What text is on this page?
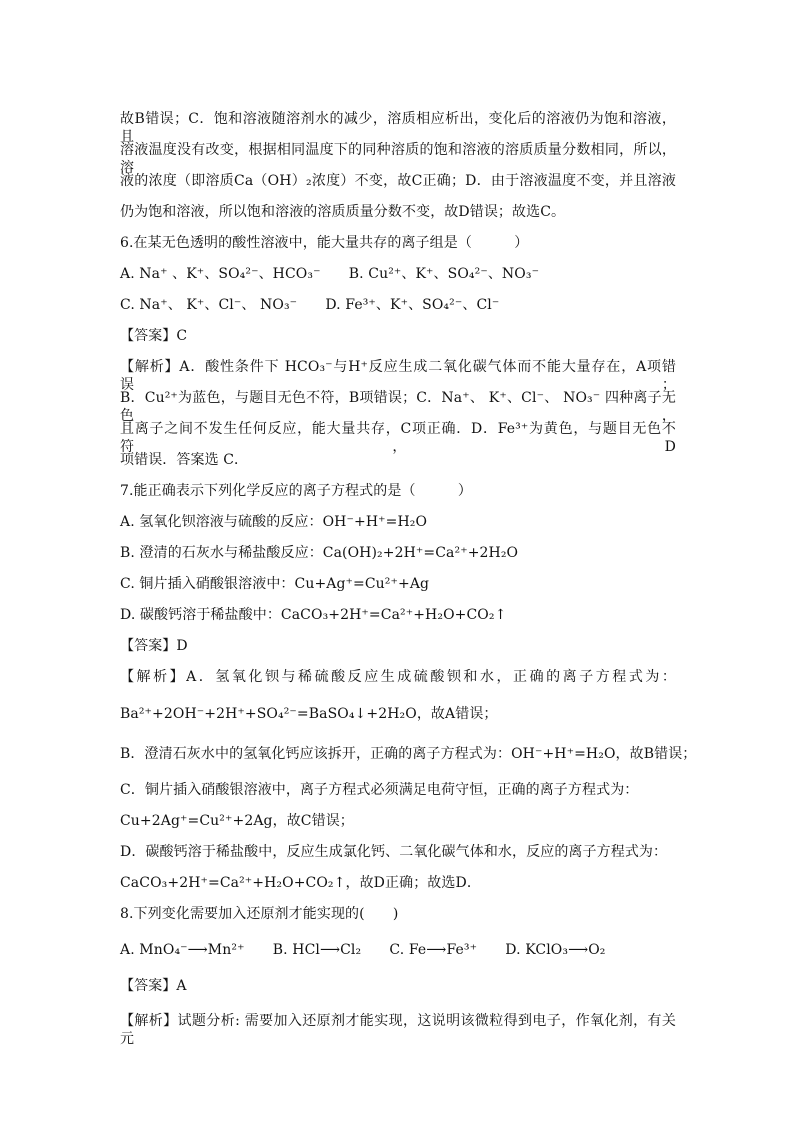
故B错误；C．饱和溶液随溶剂水的减少，溶质相应析出，变化后的溶液仍为饱和溶液，且
溶液温度没有改变，根据相同温度下的同种溶质的饱和溶液的溶质质量分数相同，所以，溶
液的浓度（即溶质Ca（OH）₂浓度）不变，故C正确；D．由于溶液温度不变，并且溶液
仍为饱和溶液，所以饱和溶液的溶质质量分数不变，故D错误；故选C。
6.在某无色透明的酸性溶液中，能大量共存的离子组是（　　　）
A. Na⁺ 、K⁺、SO₄²⁻、HCO₃⁻　　B. Cu²⁺、K⁺、SO₄²⁻、NO₃⁻
C. Na⁺、 K⁺、Cl⁻、 NO₃⁻　　D. Fe³⁺、K⁺、SO₄²⁻、Cl⁻
【答案】C
【解析】A．酸性条件下 HCO₃⁻与H⁺反应生成二氧化碳气体而不能大量存在，A项错误；
B．Cu²⁺为蓝色，与题目无色不符，B项错误；C．Na⁺、 K⁺、Cl⁻、 NO₃⁻ 四种离子无色，
且离子之间不发生任何反应，能大量共存，C项正确．D．Fe³⁺为黄色，与题目无色不符，D
项错误．答案选 C．
7.能正确表示下列化学反应的离子方程式的是（　　　）
A. 氢氧化钡溶液与硫酸的反应：OH⁻+H⁺=H₂O
B. 澄清的石灰水与稀盐酸反应：Ca(OH)₂+2H⁺=Ca²⁺+2H₂O
C. 铜片插入硝酸银溶液中：Cu+Ag⁺=Cu²⁺+Ag
D. 碳酸钙溶于稀盐酸中：CaCO₃+2H⁺=Ca²⁺+H₂O+CO₂↑
【答案】D
【解析】A．氢氧化钡与稀硫酸反应生成硫酸钡和水，正确的离子方程式为：
Ba²⁺+2OH⁻+2H⁺+SO₄²⁻=BaSO₄↓+2H₂O，故A错误；
B．澄清石灰水中的氢氧化钙应该拆开，正确的离子方程式为：OH⁻+H⁺=H₂O，故B错误；
C．铜片插入硝酸银溶液中，离子方程式必须满足电荷守恒，正确的离子方程式为：
Cu+2Ag⁺=Cu²⁺+2Ag，故C错误；
D．碳酸钙溶于稀盐酸中，反应生成氯化钙、二氧化碳气体和水，反应的离子方程式为：
CaCO₃+2H⁺=Ca²⁺+H₂O+CO₂↑，故D正确；故选D．
8.下列变化需要加入还原剂才能实现的(　　)
A. MnO₄⁻⟶Mn²⁺　　B. HCl⟶Cl₂　　C. Fe⟶Fe³⁺　　D. KClO₃⟶O₂
【答案】A
【解析】试题分析: 需要加入还原剂才能实现，这说明该微粒得到电子，作氧化剂，有关元
